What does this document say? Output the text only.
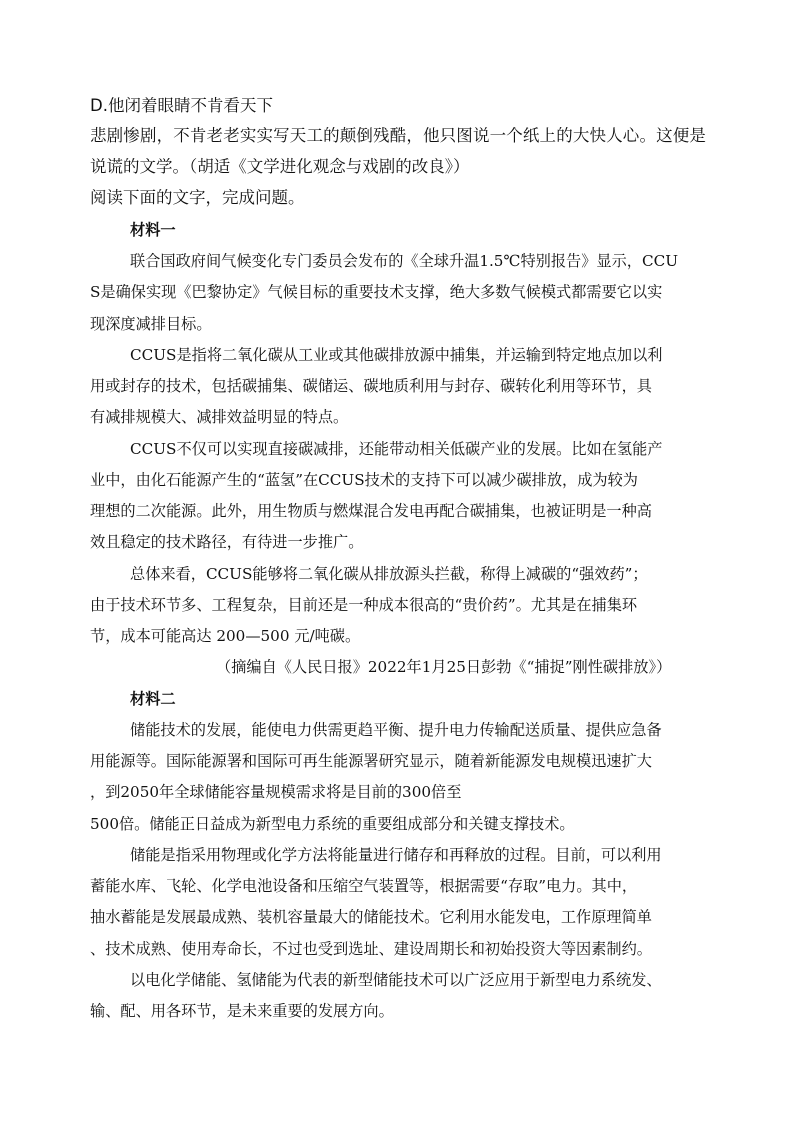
D.他闭着眼睛不肯看天下
悲剧惨剧，不肯老老实实写天工的颠倒残酷，他只图说一个纸上的大快人心。这便是
说谎的文学。（胡适《文学进化观念与戏剧的改良》）
阅读下面的文字，完成问题。
材料一
联合国政府间气候变化专门委员会发布的《全球升温1.5℃特别报告》显示，CCU
S是确保实现《巴黎协定》气候目标的重要技术支撑，绝大多数气候模式都需要它以实
现深度减排目标。
CCUS是指将二氧化碳从工业或其他碳排放源中捕集，并运输到特定地点加以利
用或封存的技术，包括碳捕集、碳储运、碳地质利用与封存、碳转化利用等环节，具
有减排规模大、减排效益明显的特点。
CCUS不仅可以实现直接碳减排，还能带动相关低碳产业的发展。比如在氢能产
业中，由化石能源产生的“蓝氢”在CCUS技术的支持下可以减少碳排放，成为较为
理想的二次能源。此外，用生物质与燃煤混合发电再配合碳捕集，也被证明是一种高
效且稳定的技术路径，有待进一步推广。
总体来看，CCUS能够将二氧化碳从排放源头拦截，称得上减碳的“强效药”；
由于技术环节多、工程复杂，目前还是一种成本很高的“贵价药”。尤其是在捕集环
节，成本可能高达 200—500 元/吨碳。
（摘编自《人民日报》2022年1月25日彭勃《“捕捉”刚性碳排放》）
材料二
储能技术的发展，能使电力供需更趋平衡、提升电力传输配送质量、提供应急备
用能源等。国际能源署和国际可再生能源署研究显示，随着新能源发电规模迅速扩大
，到2050年全球储能容量规模需求将是目前的300倍至
500倍。储能正日益成为新型电力系统的重要组成部分和关键支撑技术。
储能是指采用物理或化学方法将能量进行储存和再释放的过程。目前，可以利用
蓄能水库、飞轮、化学电池设备和压缩空气装置等，根据需要“存取”电力。其中，
抽水蓄能是发展最成熟、装机容量最大的储能技术。它利用水能发电，工作原理简单
、技术成熟、使用寿命长，不过也受到选址、建设周期长和初始投资大等因素制约。
以电化学储能、氢储能为代表的新型储能技术可以广泛应用于新型电力系统发、
输、配、用各环节，是未来重要的发展方向。
